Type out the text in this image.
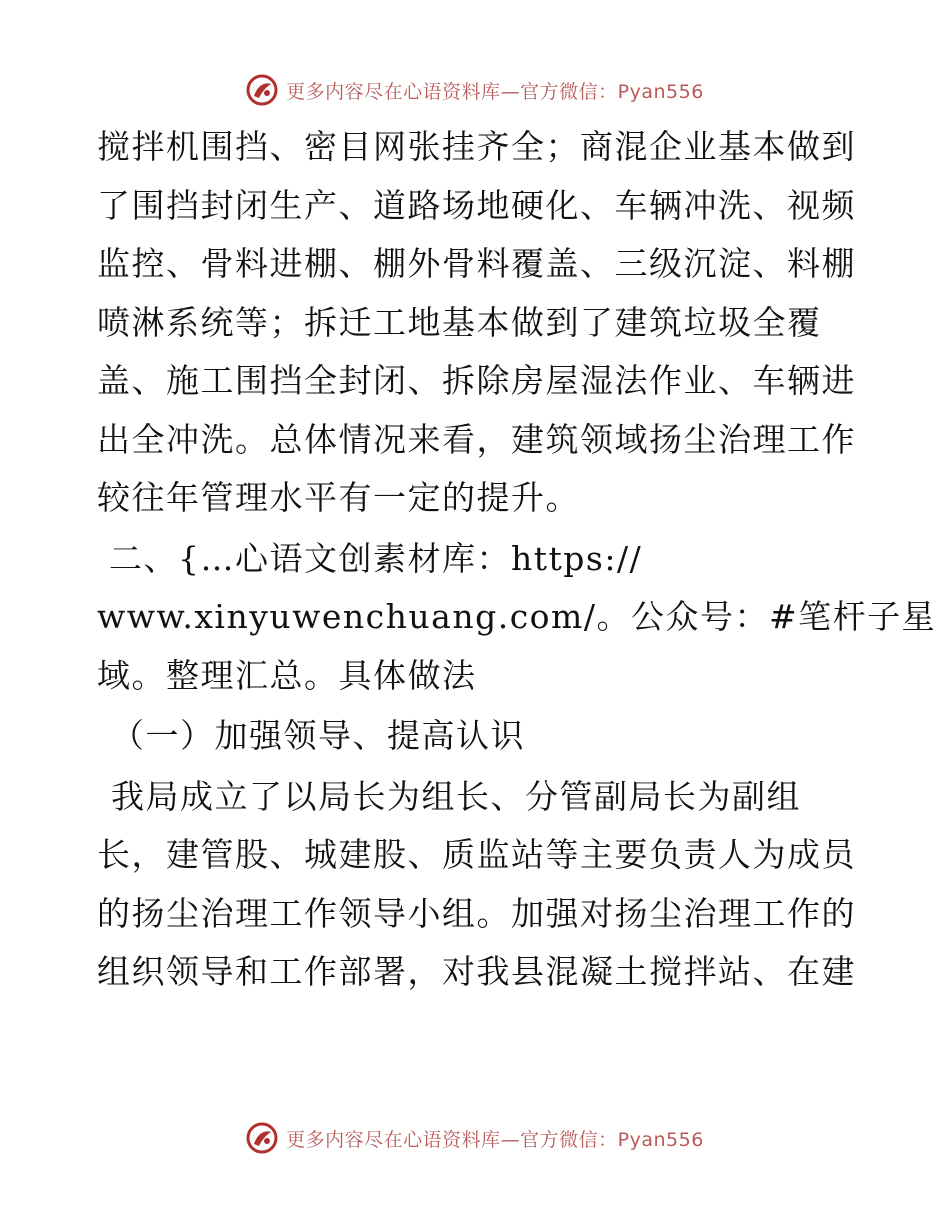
更多内容尽在心语资料库—官方微信：Pyan556
搅拌机围挡、密目网张挂齐全；商混企业基本做到
了围挡封闭生产、道路场地硬化、车辆冲洗、视频
监控、骨料进棚、棚外骨料覆盖、三级沉淀、料棚
喷淋系统等；拆迁工地基本做到了建筑垃圾全覆
盖、施工围挡全封闭、拆除房屋湿法作业、车辆进
出全冲洗。总体情况来看，建筑领域扬尘治理工作
较往年管理水平有一定的提升。
二、{…心语文创素材库：https://
www.xinyuwenchuang.com/。公众号：#笔杆子星
域。整理汇总。具体做法
（一）加强领导、提高认识
我局成立了以局长为组长、分管副局长为副组
长，建管股、城建股、质监站等主要负责人为成员
的扬尘治理工作领导小组。加强对扬尘治理工作的
组织领导和工作部署，对我县混凝土搅拌站、在建
更多内容尽在心语资料库—官方微信：Pyan556
